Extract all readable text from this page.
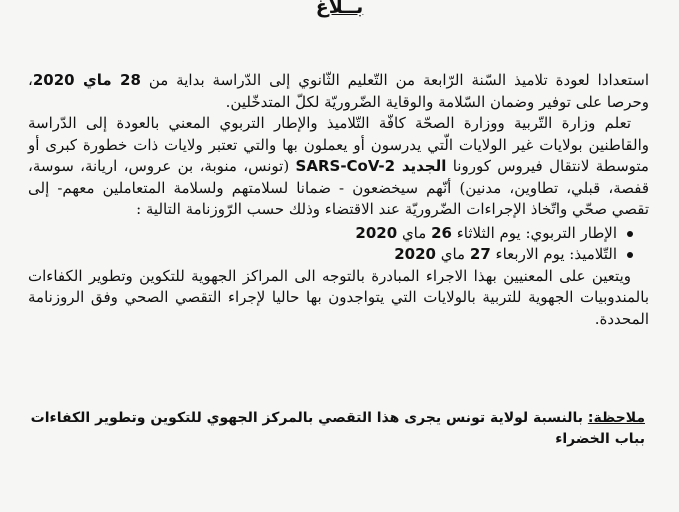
بــلاغ

استعدادا لعودة تلاميذ السّنة الرّابعة من التّعليم الثّانوي إلى الدّراسة بداية من 28 ماي 2020، وحرصا على توفير وضمان السّلامة والوقاية الضّروريّة لكلّ المتدخّلين.

تعلم وزارة التّربية ووزارة الصحّة كافّة التّلاميذ والإطار التربوي المعني بالعودة إلى الدّراسة والقاطنين بولايات غير الولايات الّتي يدرسون أو يعملون بها والتي تعتبر ولايات ذات خطورة كبرى أو متوسطة لانتقال فيروس كورونا الجديد SARS-CoV-2 (تونس، منوبة، بن عروس، اريانة، سوسة، قفصة، قبلي، تطاوين، مدنين) أنّهم سيخضعون - ضمانا لسلامتهم ولسلامة المتعاملين معهم- إلى تقصي صحّي واتّخاذ الإجراءات الضّروريّة عند الاقتضاء وذلك حسب الرّوزنامة التالية :

الإطار التربوي: يوم الثلاثاء 26 ماي 2020
التّلاميذ: يوم الاربعاء 27 ماي 2020

ويتعين على المعنيين بهذا الاجراء المبادرة بالتوجه الى المراكز الجهوية للتكوين وتطوير الكفاءات بالمندوبيات الجهوية للتربية بالولايات التي يتواجدون بها حاليا لإجراء التقصي الصحي وفق الروزنامة المحددة.

ملاحظة: بالنسبة لولاية تونس يجرى هذا التقصي بالمركز الجهوي للتكوين وتطوير الكفاءات بباب الخضراء
